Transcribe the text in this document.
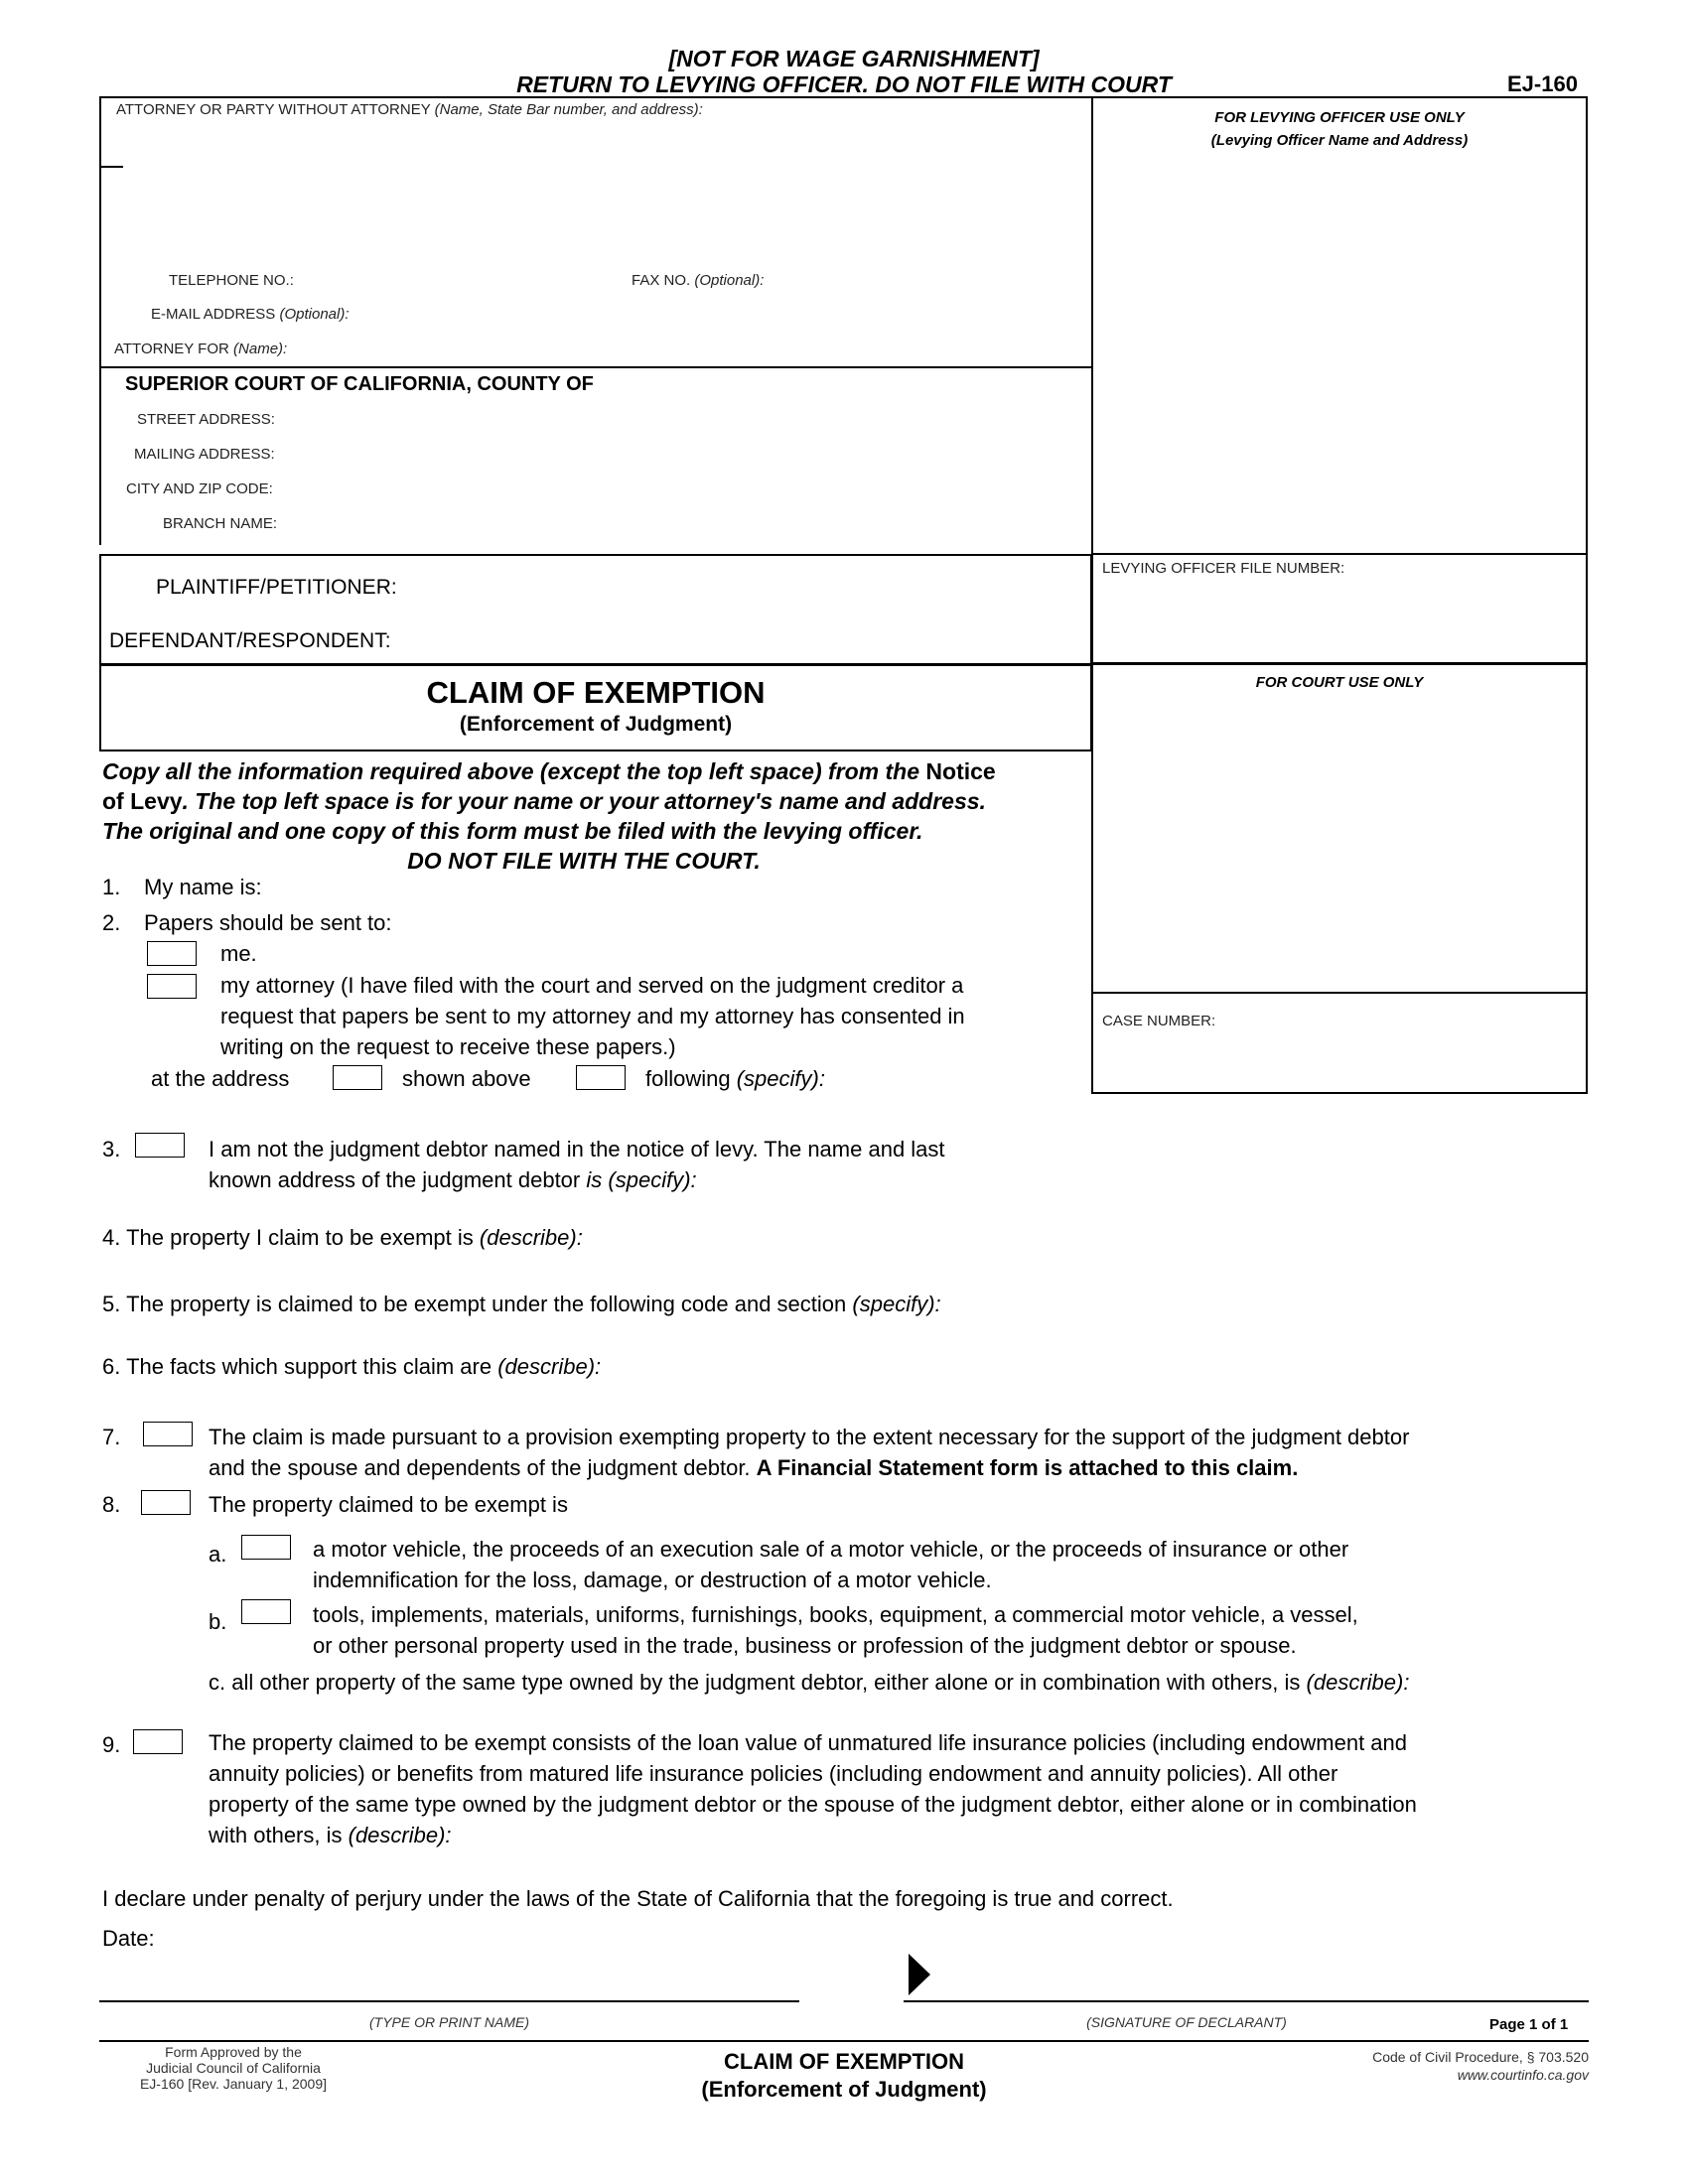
[NOT FOR WAGE GARNISHMENT]
RETURN TO LEVYING OFFICER. DO NOT FILE WITH COURT	EJ-160
ATTORNEY OR PARTY WITHOUT ATTORNEY (Name, State Bar number, and address):
TELEPHONE NO.:	FAX NO. (Optional):
E-MAIL ADDRESS (Optional):
ATTORNEY FOR (Name):
SUPERIOR COURT OF CALIFORNIA, COUNTY OF
STREET ADDRESS:
MAILING ADDRESS:
CITY AND ZIP CODE:
BRANCH NAME:
PLAINTIFF/PETITIONER:
DEFENDANT/RESPONDENT:
CLAIM OF EXEMPTION
(Enforcement of Judgment)
FOR LEVYING OFFICER USE ONLY
(Levying Officer Name and Address)
LEVYING OFFICER FILE NUMBER:
FOR COURT USE ONLY
CASE NUMBER:
Copy all the information required above (except the top left space) from the Notice
of Levy. The top left space is for your name or your attorney's name and address.
The original and one copy of this form must be filed with the levying officer.
DO NOT FILE WITH THE COURT.
1. My name is:
2. Papers should be sent to:
me.
my attorney (I have filed with the court and served on the judgment creditor a
request that papers be sent to my attorney and my attorney has consented in
writing on the request to receive these papers.)
at the address	shown above	following (specify):
3.	I am not the judgment debtor named in the notice of levy. The name and last
known address of the judgment debtor is (specify):
4. The property I claim to be exempt is (describe):
5. The property is claimed to be exempt under the following code and section (specify):
6. The facts which support this claim are (describe):
7.	The claim is made pursuant to a provision exempting property to the extent necessary for the support of the judgment debtor
and the spouse and dependents of the judgment debtor. A Financial Statement form is attached to this claim.
8.	The property claimed to be exempt is
a.	a motor vehicle, the proceeds of an execution sale of a motor vehicle, or the proceeds of insurance or other
indemnification for the loss, damage, or destruction of a motor vehicle.
b.	tools, implements, materials, uniforms, furnishings, books, equipment, a commercial motor vehicle, a vessel,
or other personal property used in the trade, business or profession of the judgment debtor or spouse.
c. all other property of the same type owned by the judgment debtor, either alone or in combination with others, is (describe):
9.	The property claimed to be exempt consists of the loan value of unmatured life insurance policies (including endowment and
annuity policies) or benefits from matured life insurance policies (including endowment and annuity policies). All other
property of the same type owned by the judgment debtor or the spouse of the judgment debtor, either alone or in combination
with others, is (describe):
I declare under penalty of perjury under the laws of the State of California that the foregoing is true and correct.
Date:
(TYPE OR PRINT NAME)	(SIGNATURE OF DECLARANT)	Page 1 of 1
Form Approved by the
Judicial Council of California
EJ-160 [Rev. January 1, 2009]
CLAIM OF EXEMPTION
(Enforcement of Judgment)
Code of Civil Procedure, § 703.520
www.courtinfo.ca.gov
